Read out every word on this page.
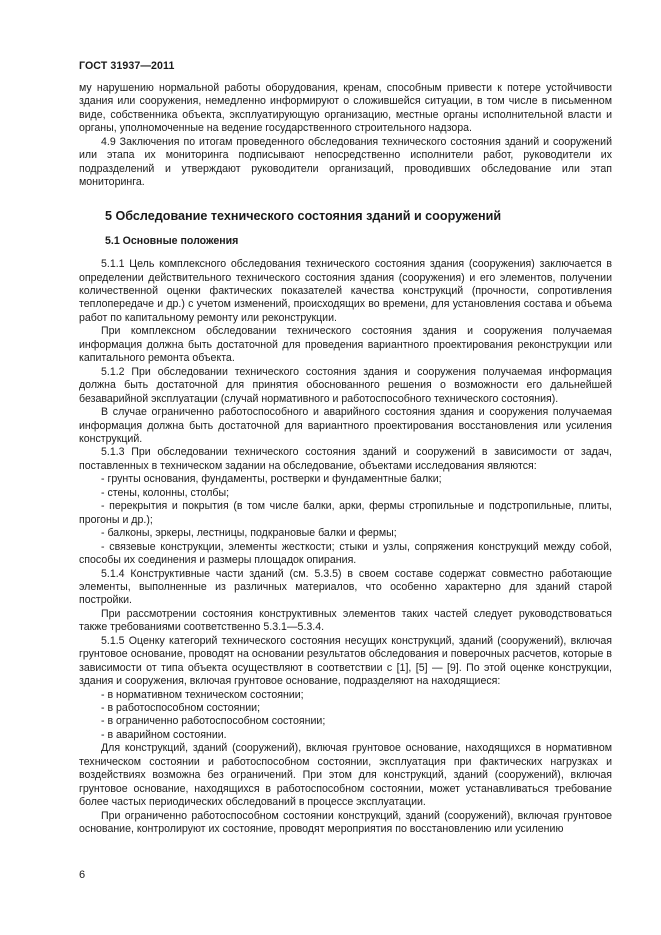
ГОСТ 31937—2011
му нарушению нормальной работы оборудования, кренам, способным привести к потере устойчивости здания или сооружения, немедленно информируют о сложившейся ситуации, в том числе в письменном виде, собственника объекта, эксплуатирующую организацию, местные органы исполнительной власти и органы, уполномоченные на ведение государственного строительного надзора.
4.9 Заключения по итогам проведенного обследования технического состояния зданий и сооружений или этапа их мониторинга подписывают непосредственно исполнители работ, руководители их подразделений и утверждают руководители организаций, проводивших обследование или этап мониторинга.
5 Обследование технического состояния зданий и сооружений
5.1 Основные положения
5.1.1 Цель комплексного обследования технического состояния здания (сооружения) заключается в определении действительного технического состояния здания (сооружения) и его элементов, получении количественной оценки фактических показателей качества конструкций (прочности, сопротивления теплопередаче и др.) с учетом изменений, происходящих во времени, для установления состава и объема работ по капитальному ремонту или реконструкции.
При комплексном обследовании технического состояния здания и сооружения получаемая информация должна быть достаточной для проведения вариантного проектирования реконструкции или капитального ремонта объекта.
5.1.2 При обследовании технического состояния здания и сооружения получаемая информация должна быть достаточной для принятия обоснованного решения о возможности его дальнейшей безаварийной эксплуатации (случай нормативного и работоспособного технического состояния).
В случае ограниченно работоспособного и аварийного состояния здания и сооружения получаемая информация должна быть достаточной для вариантного проектирования восстановления или усиления конструкций.
5.1.3 При обследовании технического состояния зданий и сооружений в зависимости от задач, поставленных в техническом задании на обследование, объектами исследования являются:
- грунты основания, фундаменты, ростверки и фундаментные балки;
- стены, колонны, столбы;
- перекрытия и покрытия (в том числе балки, арки, фермы стропильные и подстропильные, плиты, прогоны и др.);
- балконы, эркеры, лестницы, подкрановые балки и фермы;
- связевые конструкции, элементы жесткости; стыки и узлы, сопряжения конструкций между собой, способы их соединения и размеры площадок опирания.
5.1.4 Конструктивные части зданий (см. 5.3.5) в своем составе содержат совместно работающие элементы, выполненные из различных материалов, что особенно характерно для зданий старой постройки.
При рассмотрении состояния конструктивных элементов таких частей следует руководствоваться также требованиями соответственно 5.3.1—5.3.4.
5.1.5 Оценку категорий технического состояния несущих конструкций, зданий (сооружений), включая грунтовое основание, проводят на основании результатов обследования и поверочных расчетов, которые в зависимости от типа объекта осуществляют в соответствии с [1], [5] — [9]. По этой оценке конструкции, здания и сооружения, включая грунтовое основание, подразделяют на находящиеся:
- в нормативном техническом состоянии;
- в работоспособном состоянии;
- в ограниченно работоспособном состоянии;
- в аварийном состоянии.
Для конструкций, зданий (сооружений), включая грунтовое основание, находящихся в нормативном техническом состоянии и работоспособном состоянии, эксплуатация при фактических нагрузках и воздействиях возможна без ограничений. При этом для конструкций, зданий (сооружений), включая грунтовое основание, находящихся в работоспособном состоянии, может устанавливаться требование более частых периодических обследований в процессе эксплуатации.
При ограниченно работоспособном состоянии конструкций, зданий (сооружений), включая грунтовое основание, контролируют их состояние, проводят мероприятия по восстановлению или усилению
6
